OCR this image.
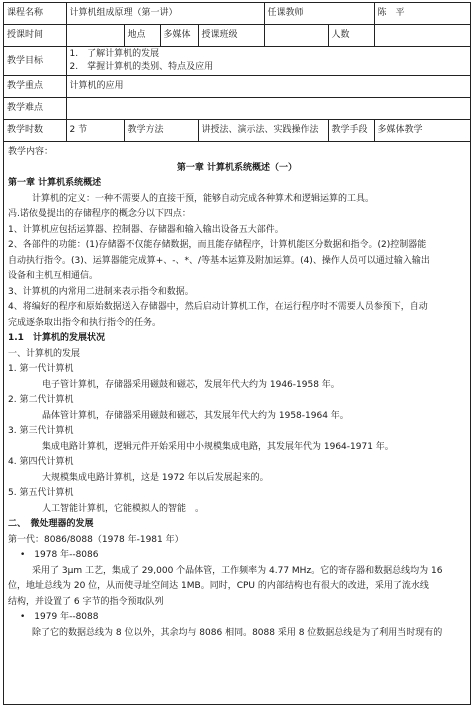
课程名称	计算机组成原理（第一讲）				任课教师		陈　平
授课时间		地点	多媒体	授课班级		人数	
教学目标	1.　了解计算机的发展
2.　掌握计算机的类别、特点及应用						

教学重点	计算机的应用						
教学难点							
教学时数	2 节	教学方法		讲授法、演示法、实践操作法		教学手段	多媒体教学
教学内容：
第一章 计算机系统概述（一）
第一章 计算机系统概述
计算机的定义：一种不需要人的直接干预，能够自动完成各种算术和逻辑运算的工具。
冯.诺依曼提出的存储程序的概念分以下四点：
1、计算机应包括运算器、控制器、存储器和输入输出设备五大部件。
2、各部件的功能：(1)存储器不仅能存储数据，而且能存储程序，计算机能区分数据和指令。(2)控制器能
自动执行指令。(3)、运算器能完成算+、-、*、/等基本运算及附加运算。(4)、操作人员可以通过输入输出
设备和主机互相通信。
3、计算机的内常用二进制来表示指令和数据。
4、将编好的程序和原始数据送入存储器中，然后启动计算机工作，在运行程序时不需要人员参预下，自动
完成逐条取出指令和执行指令的任务。
1.1　计算机的发展状况
一、计算机的发展
1. 第一代计算机
电子管计算机，存储器采用磁鼓和磁芯，发展年代大约为 1946-1958 年。
2. 第二代计算机
晶体管计算机，存储器采用磁鼓和磁芯，其发展年代大约为 1958-1964 年。
3. 第三代计算机
集成电路计算机，逻辑元件开始采用中小规模集成电路，其发展年代为 1964-1971 年。
4. 第四代计算机
大规模集成电路计算机，这是 1972 年以后发展起来的。
5. 第五代计算机
人工智能计算机，它能模拟人的智能　。
二、　微处理器的发展
第一代：8086/8088（1978 年-1981 年）
•　1978 年--8086
采用了 3μm 工艺，集成了 29,000 个晶体管，工作频率为 4.77 MHz。它的寄存器和数据总线均为 16
位，地址总线为 20 位，从而使寻址空间达 1MB。同时，CPU 的内部结构也有很大的改进，采用了流水线
结构，并设置了 6 字节的指令预取队列
•　1979 年--8088
除了它的数据总线为 8 位以外，其余均与 8086 相同。8088 采用 8 位数据总线是为了利用当时现有的
